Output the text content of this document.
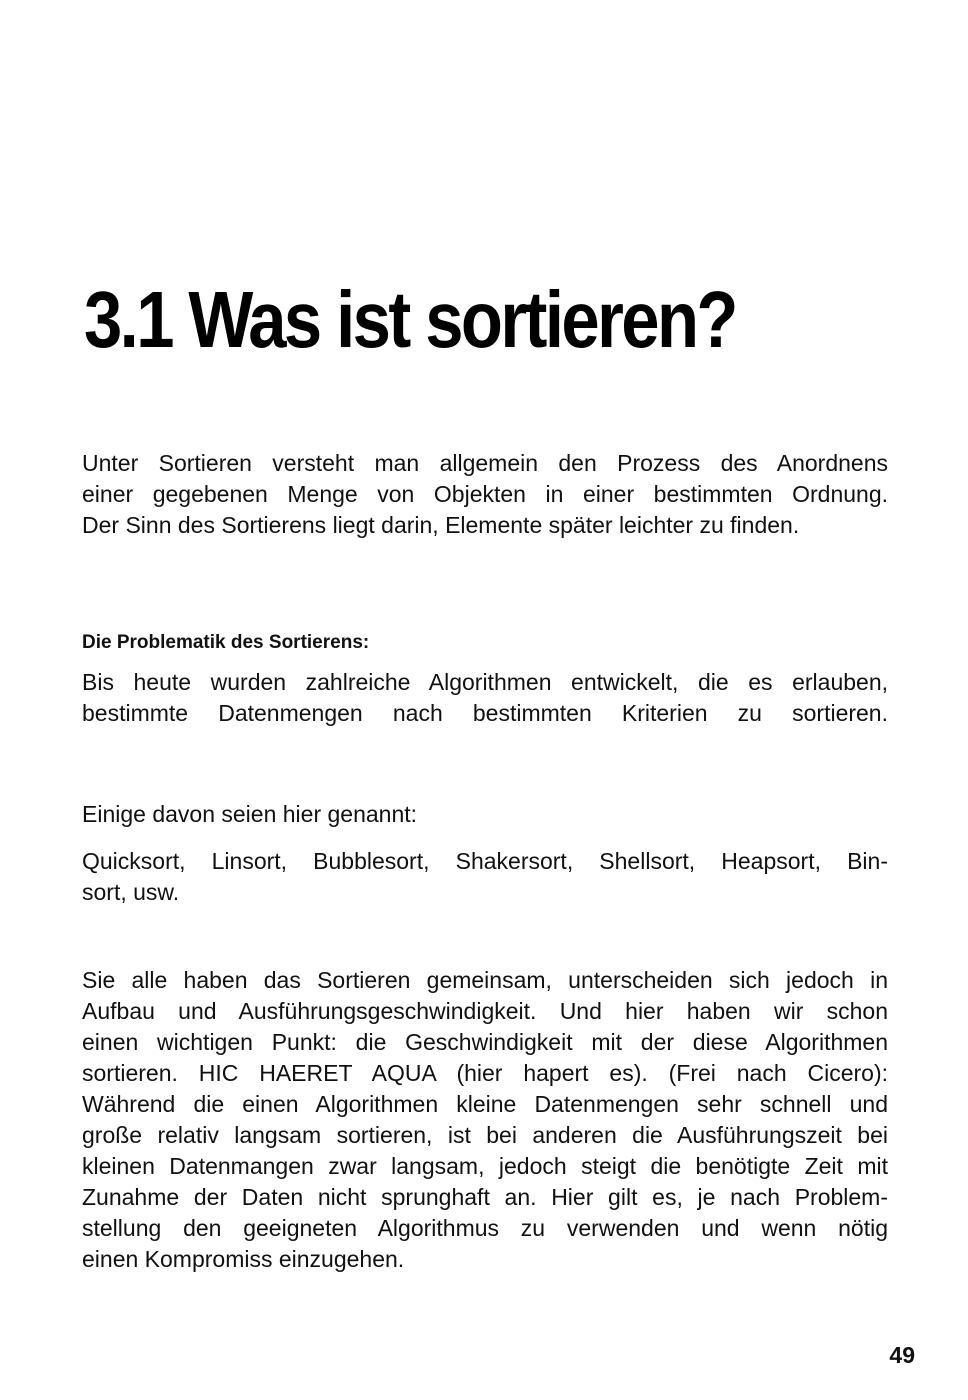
3.1 Was ist sortieren?
Unter Sortieren versteht man allgemein den Prozess des Anordnens
einer gegebenen Menge von Objekten in einer bestimmten Ordnung.
Der Sinn des Sortierens liegt darin, Elemente später leichter zu finden.
Die Problematik des Sortierens:
Bis heute wurden zahlreiche Algorithmen entwickelt, die es erlauben,
bestimmte Datenmengen nach bestimmten Kriterien zu sortieren.
Einige davon seien hier genannt:
Quicksort, Linsort, Bubblesort, Shakersort, Shellsort, Heapsort, Bin-
sort, usw.
Sie alle haben das Sortieren gemeinsam, unterscheiden sich jedoch in
Aufbau und Ausführungsgeschwindigkeit. Und hier haben wir schon
einen wichtigen Punkt: die Geschwindigkeit mit der diese Algorithmen
sortieren. HIC HAERET AQUA (hier hapert es). (Frei nach Cicero):
Während die einen Algorithmen kleine Datenmengen sehr schnell und
große relativ langsam sortieren, ist bei anderen die Ausführungszeit bei
kleinen Datenmangen zwar langsam, jedoch steigt die benötigte Zeit mit
Zunahme der Daten nicht sprunghaft an. Hier gilt es, je nach Problem-
stellung den geeigneten Algorithmus zu verwenden und wenn nötig
einen Kompromiss einzugehen.
49
